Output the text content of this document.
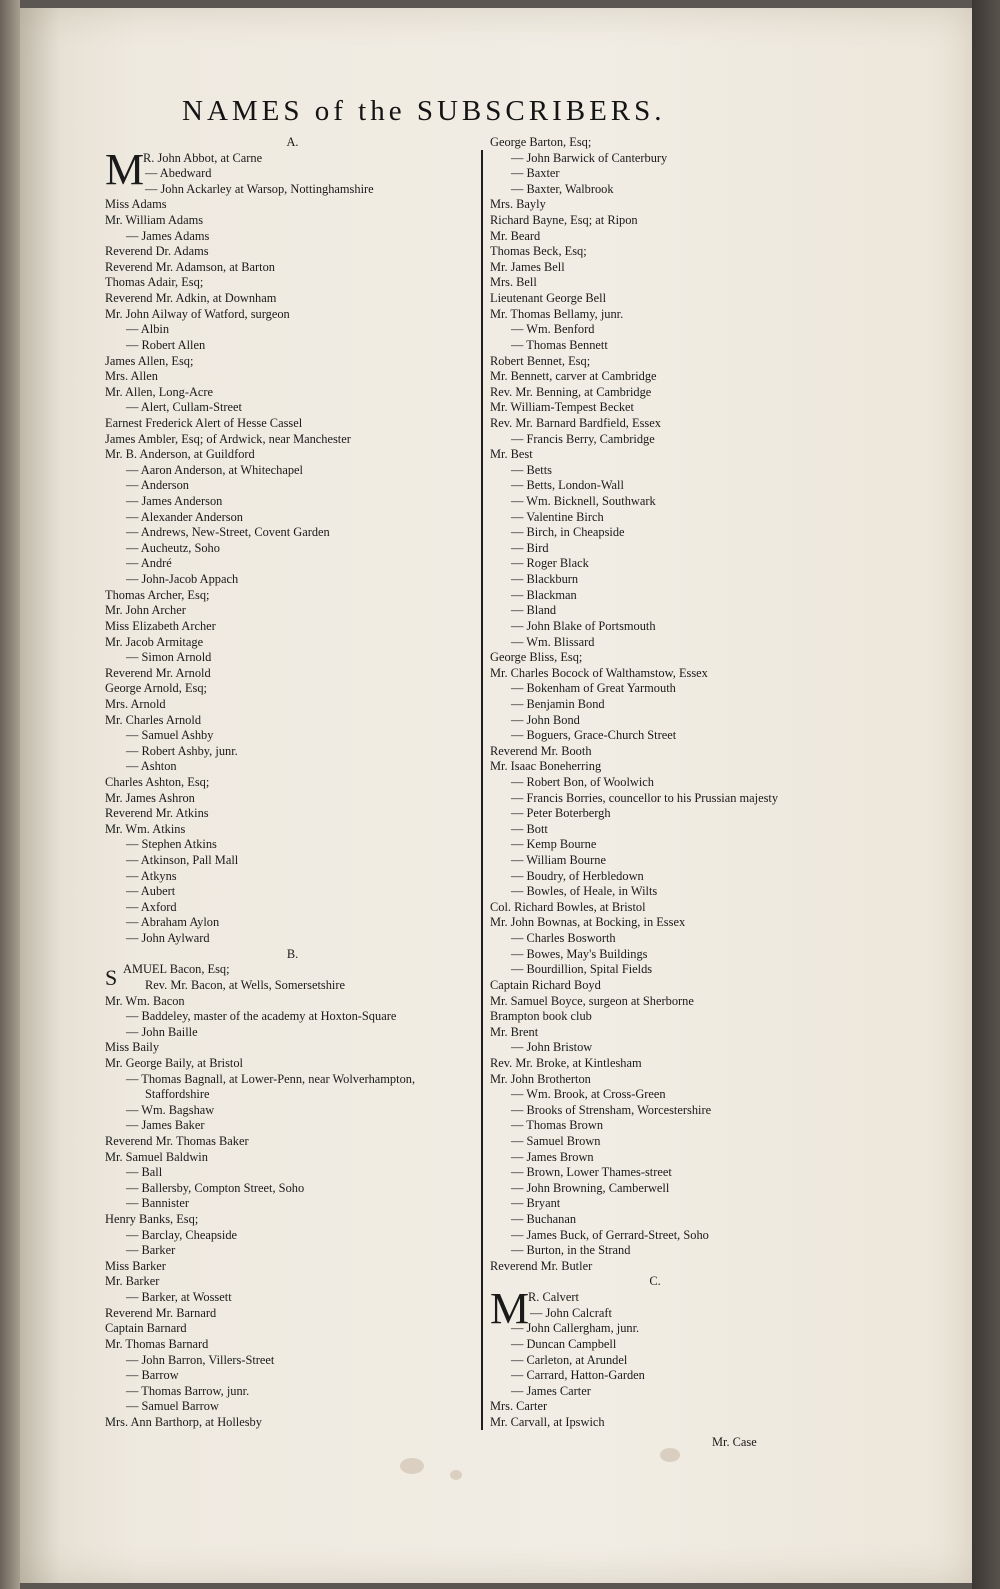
NAMES of the SUBSCRIBERS.
A.
M
R. John Abbot, at Carne
— Abedward
— John Ackarley at Warsop, Nottinghamshire
Miss Adams
Mr. William Adams
— James Adams
Reverend Dr. Adams
Reverend Mr. Adamson, at Barton
Thomas Adair, Esq;
Reverend Mr. Adkin, at Downham
Mr. John Ailway of Watford, surgeon
— Albin
— Robert Allen
James Allen, Esq;
Mrs. Allen
Mr. Allen, Long-Acre
— Alert, Cullam-Street
Earnest Frederick Alert of Hesse Cassel
James Ambler, Esq; of Ardwick, near Manchester
Mr. B. Anderson, at Guildford
— Aaron Anderson, at Whitechapel
— Anderson
— James Anderson
— Alexander Anderson
— Andrews, New-Street, Covent Garden
— Aucheutz, Soho
— André
— John-Jacob Appach
Thomas Archer, Esq;
Mr. John Archer
Miss Elizabeth Archer
Mr. Jacob Armitage
— Simon Arnold
Reverend Mr. Arnold
George Arnold, Esq;
Mrs. Arnold
Mr. Charles Arnold
— Samuel Ashby
— Robert Ashby, junr.
— Ashton
Charles Ashton, Esq;
Mr. James Ashron
Reverend Mr. Atkins
Mr. Wm. Atkins
— Stephen Atkins
— Atkinson, Pall Mall
— Atkyns
— Aubert
— Axford
— Abraham Aylon
— John Aylward
B.
S AMUEL Bacon, Esq;
Rev. Mr. Bacon, at Wells, Somersetshire
Mr. Wm. Bacon
— Baddeley, master of the academy at Hoxton-Square
— John Baille
Miss Baily
Mr. George Baily, at Bristol
— Thomas Bagnall, at Lower-Penn, near Wolverhampton,
Staffordshire
— Wm. Bagshaw
— James Baker
Reverend Mr. Thomas Baker
Mr. Samuel Baldwin
— Ball
— Ballersby, Compton Street, Soho
— Bannister
Henry Banks, Esq;
— Barclay, Cheapside
— Barker
Miss Barker
Mr. Barker
— Barker, at Wossett
Reverend Mr. Barnard
Captain Barnard
Mr. Thomas Barnard
— John Barron, Villers-Street
— Barrow
— Thomas Barrow, junr.
— Samuel Barrow
Mrs. Ann Barthorp, at Hollesby
George Barton, Esq;
— John Barwick of Canterbury
— Baxter
— Baxter, Walbrook
Mrs. Bayly
Richard Bayne, Esq; at Ripon
Mr. Beard
Thomas Beck, Esq;
Mr. James Bell
Mrs. Bell
Lieutenant George Bell
Mr. Thomas Bellamy, junr.
— Wm. Benford
— Thomas Bennett
Robert Bennet, Esq;
Mr. Bennett, carver at Cambridge
Rev. Mr. Benning, at Cambridge
Mr. William-Tempest Becket
Rev. Mr. Barnard Bardfield, Essex
— Francis Berry, Cambridge
Mr. Best
— Betts
— Betts, London-Wall
— Wm. Bicknell, Southwark
— Valentine Birch
— Birch, in Cheapside
— Bird
— Roger Black
— Blackburn
— Blackman
— Bland
— John Blake of Portsmouth
— Wm. Blissard
George Bliss, Esq;
Mr. Charles Bocock of Walthamstow, Essex
— Bokenham of Great Yarmouth
— Benjamin Bond
— John Bond
— Boguers, Grace-Church Street
Reverend Mr. Booth
Mr. Isaac Boneherring
— Robert Bon, of Woolwich
— Francis Borries, councellor to his Prussian majesty
— Peter Boterbergh
— Bott
— Kemp Bourne
— William Bourne
— Boudry, of Herbledown
— Bowles, of Heale, in Wilts
Col. Richard Bowles, at Bristol
Mr. John Bownas, at Bocking, in Essex
— Charles Bosworth
— Bowes, May's Buildings
— Bourdillion, Spital Fields
Captain Richard Boyd
Mr. Samuel Boyce, surgeon at Sherborne
Brampton book club
Mr. Brent
— John Bristow
Rev. Mr. Broke, at Kintlesham
Mr. John Brotherton
— Wm. Brook, at Cross-Green
— Brooks of Strensham, Worcestershire
— Thomas Brown
— Samuel Brown
— James Brown
— Brown, Lower Thames-street
— John Browning, Camberwell
— Bryant
— Buchanan
— James Buck, of Gerrard-Street, Soho
— Burton, in the Strand
Reverend Mr. Butler
C.
M
R. Calvert
— John Calcraft
— John Callergham, junr.
— Duncan Campbell
— Carleton, at Arundel
— Carrard, Hatton-Garden
— James Carter
Mrs. Carter
Mr. Carvall, at Ipswich
Mr. Case
